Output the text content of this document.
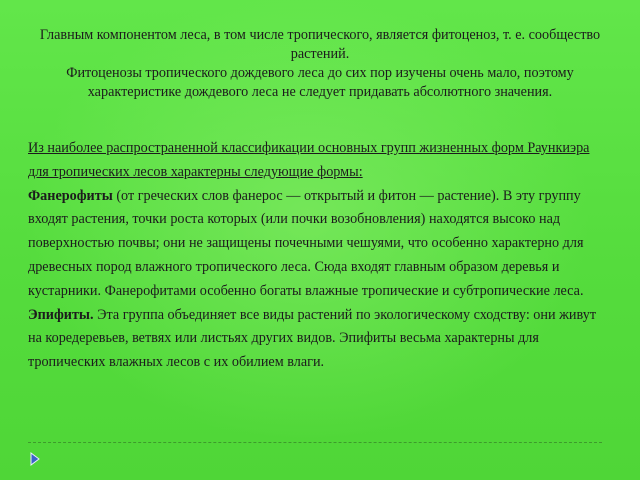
Главным компонентом леса, в том числе тропического, является фитоценоз, т. е. сообщество растений.

Фитоценозы тропического дождевого леса до сих пор изучены очень мало, поэтому характеристике дождевого леса не следует придавать абсолютного значения.

Из наиболее распространенной классификации основных групп жизненных форм Раункиэра для тропических лесов характерны следующие формы:

Фанерофиты (от греческих слов фанерос — открытый и фитон — растение). В эту группу входят растения, точки роста которых (или почки возобновления) находятся высоко над поверхностью почвы; они не защищены почечными чешуями, что особенно характерно для древесных пород влажного тропического леса. Сюда входят главным образом деревья и кустарники. Фанерофитами особенно богаты влажные тропические и субтропические леса.

Эпифиты. Эта группа объединяет все виды растений по экологическому сходству: они живут на коредеревьев, ветвях или листьях других видов. Эпифиты весьма характерны для тропических влажных лесов с их обилием влаги.
